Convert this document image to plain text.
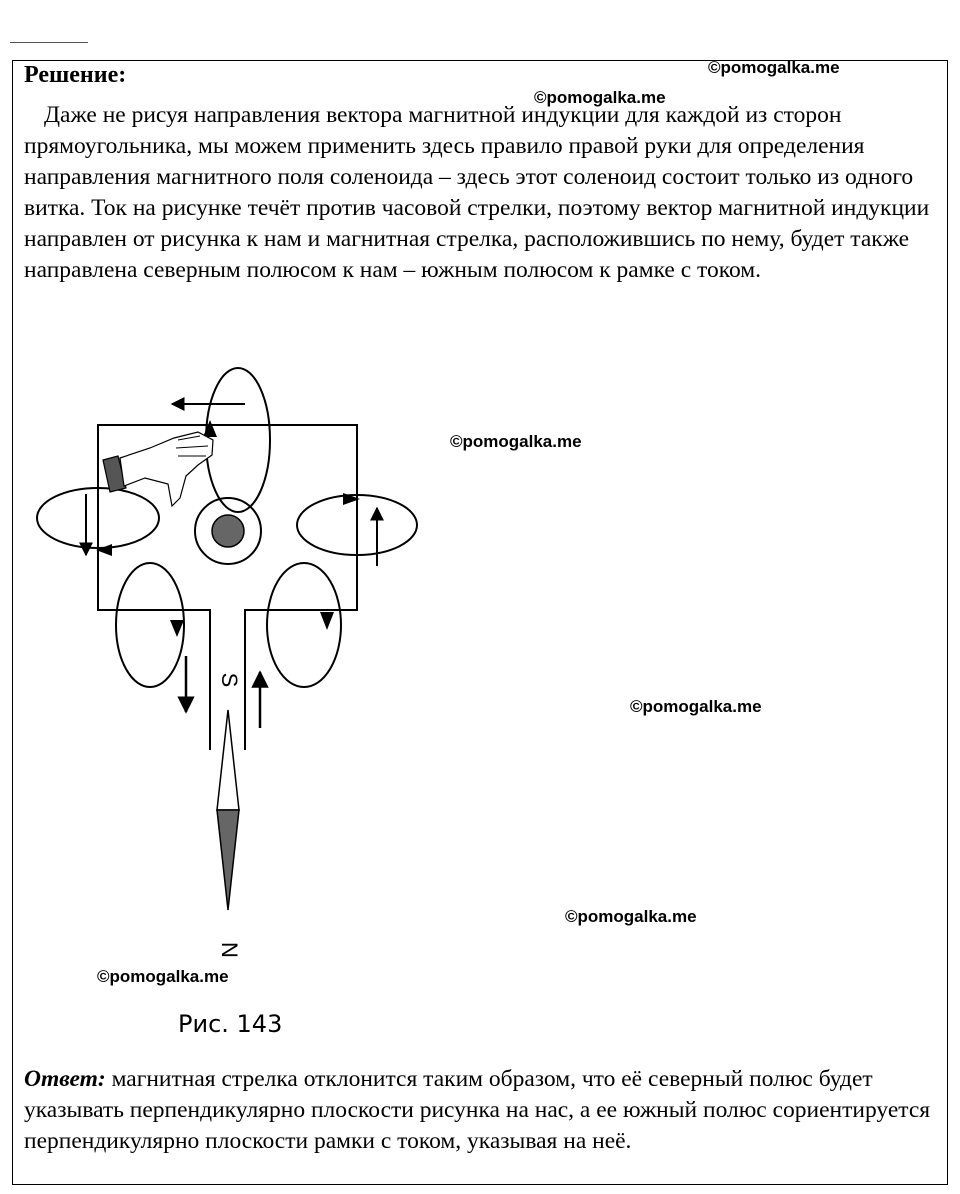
Решение:
Даже не рисуя направления вектора магнитной индукции для каждой из сторон прямоугольника, мы можем применить здесь правило правой руки для определения направления магнитного поля соленоида – здесь этот соленоид состоит только из одного витка. Ток на рисунке течёт против часовой стрелки, поэтому вектор магнитной индукции направлен от рисунка к нам и магнитная стрелка, расположившись по нему, будет также направлена северным полюсом к нам – южным полюсом к рамке с током.
©pomogalka.me
©pomogalka.me
©pomogalka.me
©pomogalka.me
©pomogalka.me
©pomogalka.me
S
N
Рис. 143
Ответ: магнитная стрелка отклонится таким образом, что её северный полюс будет указывать перпендикулярно плоскости рисунка на нас, а ее южный полюс сориентируется перпендикулярно плоскости рамки с током, указывая на неё.
